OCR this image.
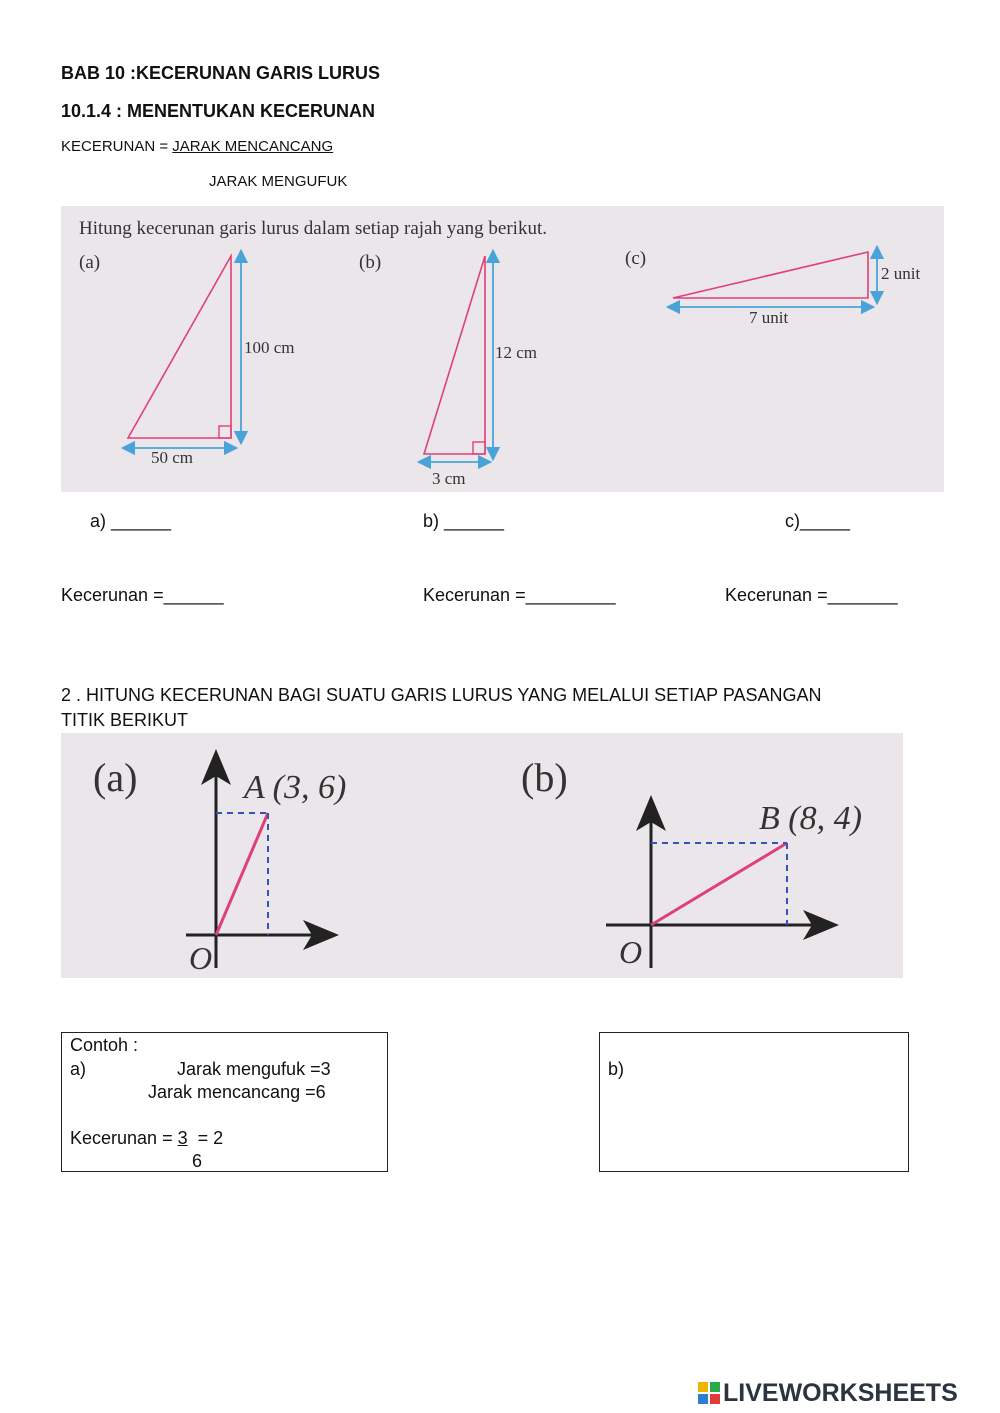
BAB 10 :KECERUNAN GARIS LURUS
10.1.4 : MENENTUKAN KECERUNAN
KECERUNAN = JARAK MENCANCANG
JARAK MENGUFUK
Hitung kecerunan garis lurus dalam setiap rajah yang berikut.
(a)
100 cm
50 cm
(b)
12 cm
3 cm
(c)
2 unit
7 unit
a) ______	b) ______	c)_____
Kecerunan =______	Kecerunan =_________	Kecerunan =_______
2 . HITUNG KECERUNAN BAGI SUATU GARIS LURUS YANG MELALUI SETIAP PASANGAN
TITIK BERIKUT
(a)	A (3, 6)
O
(b)
B (8, 4)
O
Contoh :
a)	Jarak mengufuk =3
Jarak mencancang =6
Kecerunan = 3  = 2
6
b)
LIVEWORKSHEETS
